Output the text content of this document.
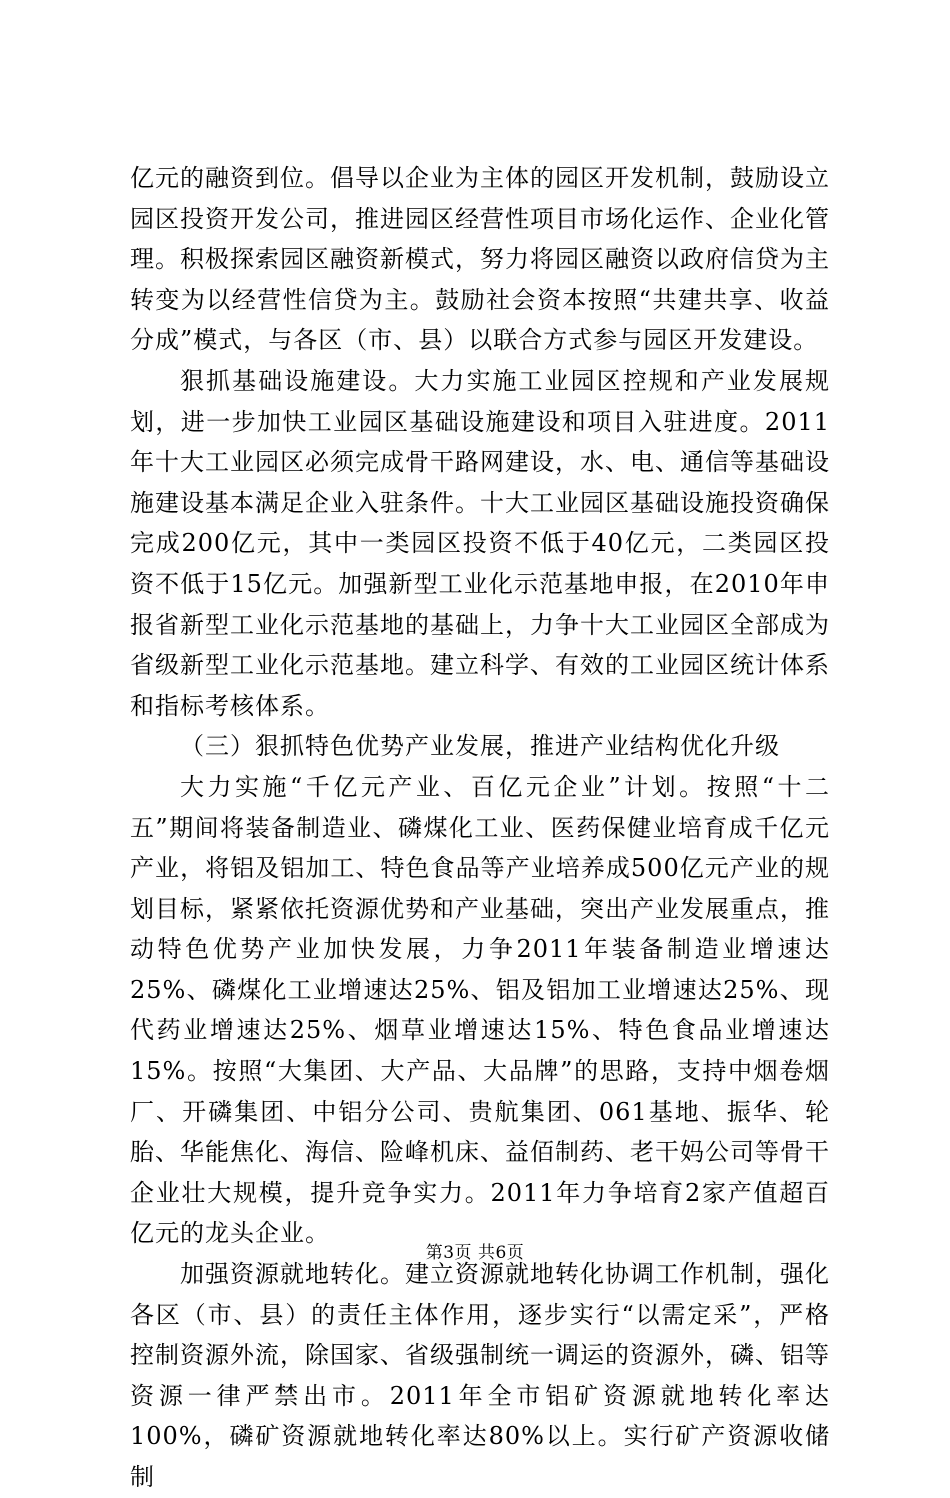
亿元的融资到位。倡导以企业为主体的园区开发机制，鼓励设立园区投资开发公司，推进园区经营性项目市场化运作、企业化管理。积极探索园区融资新模式，努力将园区融资以政府信贷为主转变为以经营性信贷为主。鼓励社会资本按照“共建共享、收益分成”模式，与各区（市、县）以联合方式参与园区开发建设。

狠抓基础设施建设。大力实施工业园区控规和产业发展规划，进一步加快工业园区基础设施建设和项目入驻进度。2011年十大工业园区必须完成骨干路网建设，水、电、通信等基础设施建设基本满足企业入驻条件。十大工业园区基础设施投资确保完成200亿元，其中一类园区投资不低于40亿元，二类园区投资不低于15亿元。加强新型工业化示范基地申报，在2010年申报省新型工业化示范基地的基础上，力争十大工业园区全部成为省级新型工业化示范基地。建立科学、有效的工业园区统计体系和指标考核体系。

（三）狠抓特色优势产业发展，推进产业结构优化升级

大力实施“千亿元产业、百亿元企业”计划。按照“十二五”期间将装备制造业、磷煤化工业、医药保健业培育成千亿元产业，将铝及铝加工、特色食品等产业培养成500亿元产业的规划目标，紧紧依托资源优势和产业基础，突出产业发展重点，推动特色优势产业加快发展，力争2011年装备制造业增速达25%、磷煤化工业增速达25%、铝及铝加工业增速达25%、现代药业增速达25%、烟草业增速达15%、特色食品业增速达15%。按照“大集团、大产品、大品牌”的思路，支持中烟卷烟厂、开磷集团、中铝分公司、贵航集团、061基地、振华、轮胎、华能焦化、海信、险峰机床、益佰制药、老干妈公司等骨干企业壮大规模，提升竞争实力。2011年力争培育2家产值超百亿元的龙头企业。

加强资源就地转化。建立资源就地转化协调工作机制，强化各区（市、县）的责任主体作用，逐步实行“以需定采”，严格控制资源外流，除国家、省级强制统一调运的资源外，磷、铝等资源一律严禁出市。2011年全市铝矿资源就地转化率达100%，磷矿资源就地转化率达80%以上。实行矿产资源收储制

第3页 共6页
